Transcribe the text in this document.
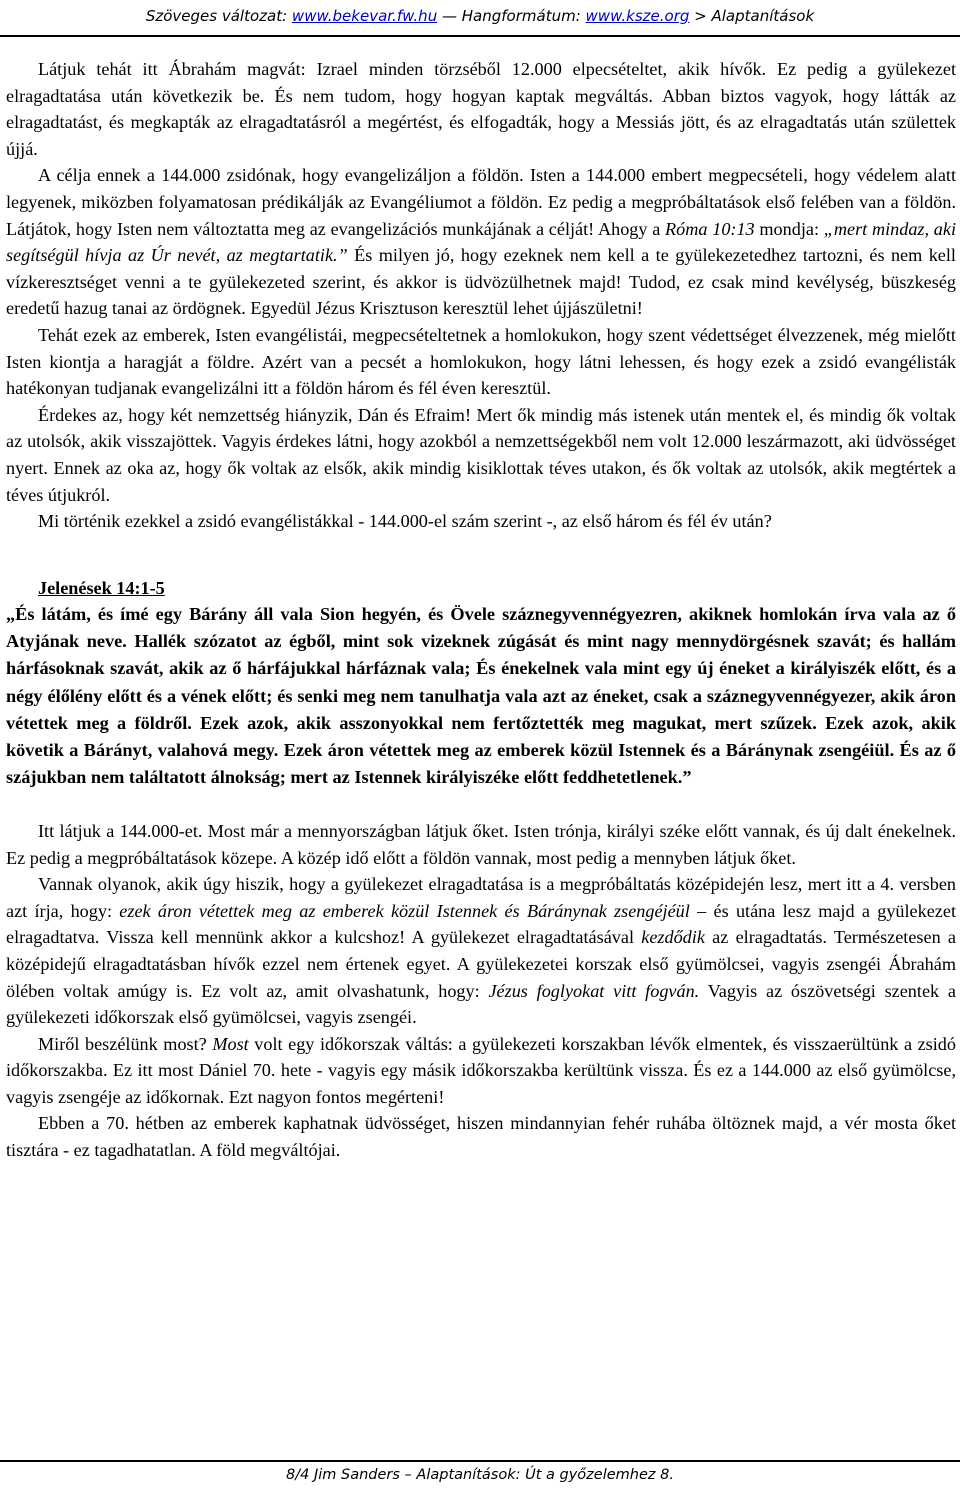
Szöveges változat: www.bekevar.fw.hu — Hangformátum: www.ksze.org > Alaptanítások

Látjuk tehát itt Ábrahám magvát: Izrael minden törzséből 12.000 elpecsételtet, akik hívők. Ez pedig a gyülekezet elragadtatása után következik be. És nem tudom, hogy hogyan kaptak megváltás. Abban biztos vagyok, hogy látták az elragadtatást, és megkapták az elragadtatásról a megértést, és elfogadták, hogy a Messiás jött, és az elragadtatás után születtek újjá.

A célja ennek a 144.000 zsidónak, hogy evangelizáljon a földön. Isten a 144.000 embert megpecsételi, hogy védelem alatt legyenek, miközben folyamatosan prédikálják az Evangéliumot a földön. Ez pedig a megpróbáltatások első felében van a földön. Látjátok, hogy Isten nem változtatta meg az evangelizációs munkájának a célját! Ahogy a Róma 10:13 mondja: „mert mindaz, aki segítségül hívja az Úr nevét, az megtartatik.” És milyen jó, hogy ezeknek nem kell a te gyülekezetedhez tartozni, és nem kell vízkeresztséget venni a te gyülekezeted szerint, és akkor is üdvözülhetnek majd! Tudod, ez csak mind kevélység, büszkeség eredetű hazug tanai az ördögnek. Egyedül Jézus Krisztuson keresztül lehet újjászületni!

Tehát ezek az emberek, Isten evangélistái, megpecsételtetnek a homlokukon, hogy szent védettséget élvezzenek, még mielőtt Isten kiontja a haragját a földre. Azért van a pecsét a homlokukon, hogy látni lehessen, és hogy ezek a zsidó evangélisták hatékonyan tudjanak evangelizálni itt a földön három és fél éven keresztül.

Érdekes az, hogy két nemzettség hiányzik, Dán és Efraim! Mert ők mindig más istenek után mentek el, és mindig ők voltak az utolsók, akik visszajöttek. Vagyis érdekes látni, hogy azokból a nemzettségekből nem volt 12.000 leszármazott, aki üdvösséget nyert. Ennek az oka az, hogy ők voltak az elsők, akik mindig kisiklottak téves utakon, és ők voltak az utolsók, akik megtértek a téves útjukról.

Mi történik ezekkel a zsidó evangélistákkal - 144.000-el szám szerint -, az első három és fél év után?

Jelenések 14:1-5

„És látám, és ímé egy Bárány áll vala Sion hegyén, és Övele száznegyvennégyezren, akiknek homlokán írva vala az ő Atyjának neve. Hallék szózatot az égből, mint sok vizeknek zúgását és mint nagy mennydörgésnek szavát; és hallám hárfásoknak szavát, akik az ő hárfájukkal hárfáznak vala; És énekelnek vala mint egy új éneket a királyiszék előtt, és a négy élőlény előtt és a vének előtt; és senki meg nem tanulhatja vala azt az éneket, csak a száznegyvennégyezer, akik áron vétettek meg a földről. Ezek azok, akik asszonyokkal nem fertőztették meg magukat, mert szűzek. Ezek azok, akik követik a Bárányt, valahová megy. Ezek áron vétettek meg az emberek közül Istennek és a Báránynak zsengéiül. És az ő szájukban nem találtatott álnokság; mert az Istennek királyiszéke előtt feddhetetlenek.”

Itt látjuk a 144.000-et. Most már a mennyországban látjuk őket. Isten trónja, királyi széke előtt vannak, és új dalt énekelnek. Ez pedig a megpróbáltatások közepe. A közép idő előtt a földön vannak, most pedig a mennyben látjuk őket.

Vannak olyanok, akik úgy hiszik, hogy a gyülekezet elragadtatása is a megpróbáltatás középidején lesz, mert itt a 4. versben azt írja, hogy: ezek áron vétettek meg az emberek közül Istennek és Báránynak zsengéjéül – és utána lesz majd a gyülekezet elragadtatva. Vissza kell mennünk akkor a kulcshoz! A gyülekezet elragadtatásával kezdődik az elragadtatás. Természetesen a középidejű elragadtatásban hívők ezzel nem értenek egyet. A gyülekezetei korszak első gyümölcsei, vagyis zsengéi Ábrahám ölében voltak amúgy is. Ez volt az, amit olvashatunk, hogy: Jézus foglyokat vitt fogván. Vagyis az ószövetségi szentek a gyülekezeti időkorszak első gyümölcsei, vagyis zsengéi.

Miről beszélünk most? Most volt egy időkorszak váltás: a gyülekezeti korszakban lévők elmentek, és visszaerültünk a zsidó időkorszakba. Ez itt most Dániel 70. hete - vagyis egy másik időkorszakba kerültünk vissza. És ez a 144.000 az első gyümölcse, vagyis zsengéje az időkornak. Ezt nagyon fontos megérteni!

Ebben a 70. hétben az emberek kaphatnak üdvösséget, hiszen mindannyian fehér ruhába öltöznek majd, a vér mosta őket tisztára - ez tagadhatatlan. A föld megváltójai.

8/4 Jim Sanders – Alaptanítások: Út a győzelemhez 8.
